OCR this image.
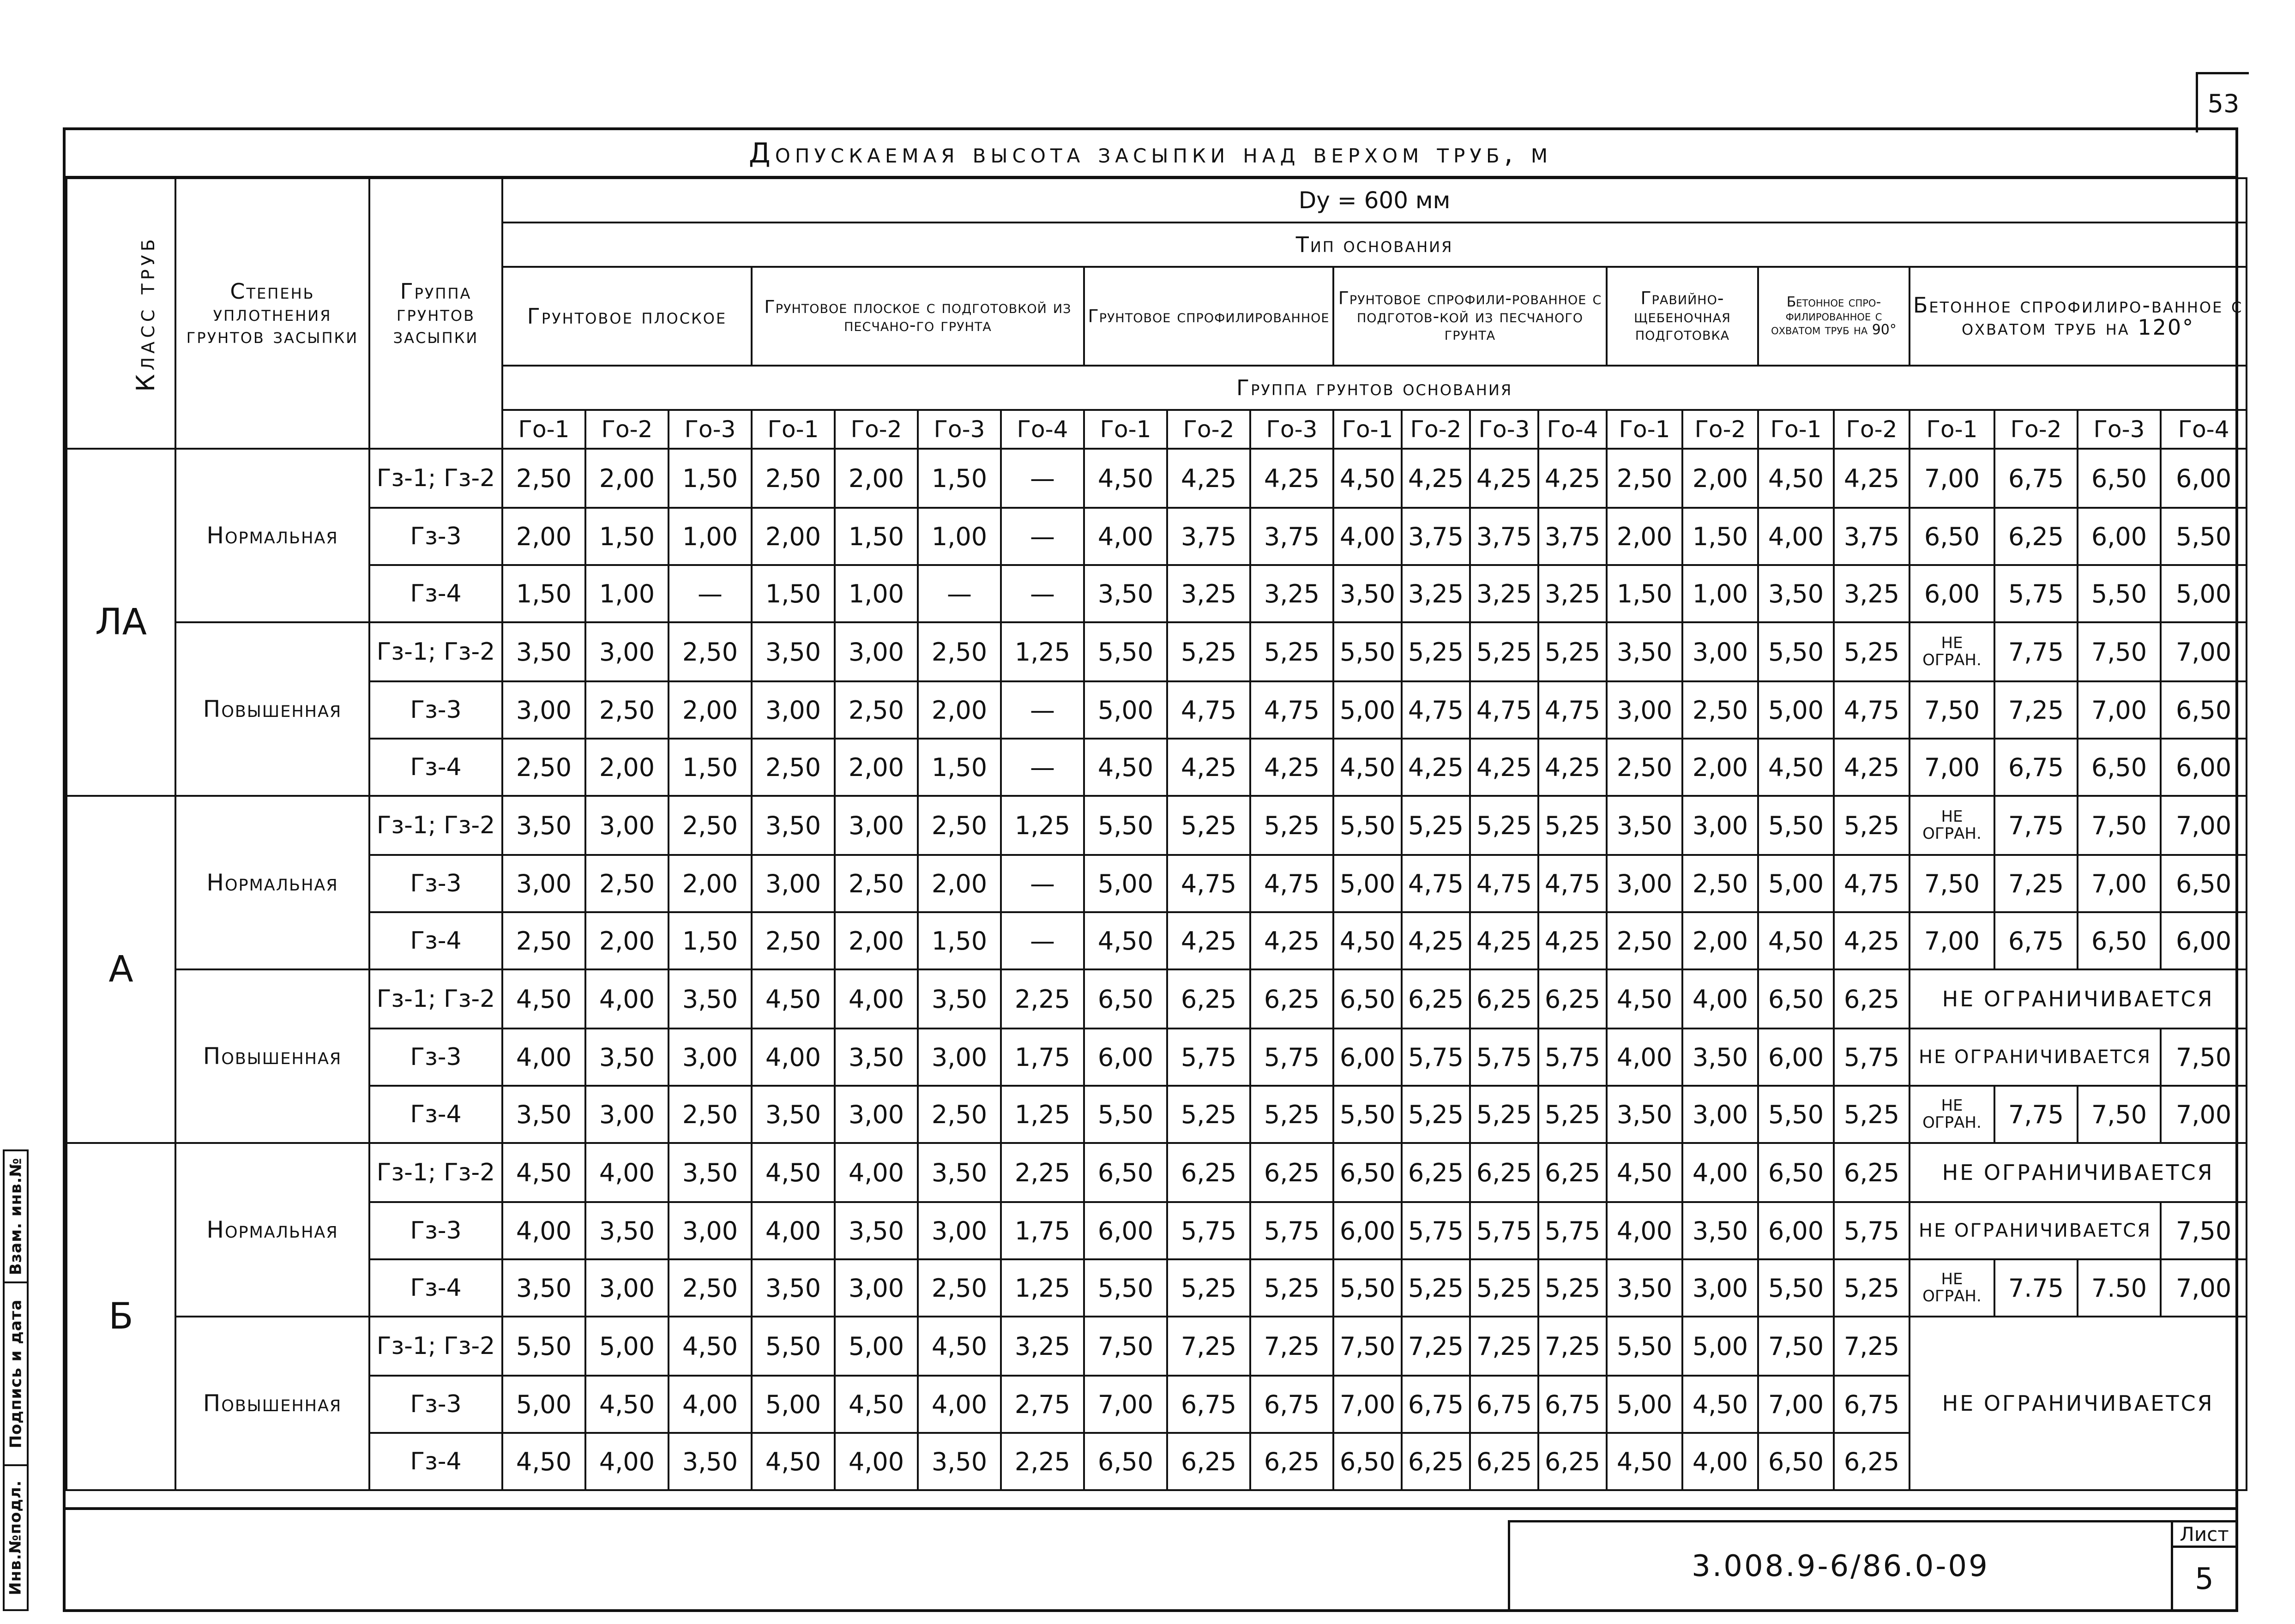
53
Взам. инв.№
Подпись и дата
Инв.№подл.
Допускаемая высота засыпки над верхом труб, м
Класс труб	Степень уплотнения грунтов засыпки	Группа грунтов засыпки	Dу = 600 мм																					
			Тип основания																					
			Грунтовое плоское			Грунтовое плоское с подготовкой из песчано-го грунта				Грунтовое спрофилированное			Грунтовое спрофили-рованное с подготов-кой из песчаного грунта				Гравийно-щебеночная подготовка		Бетонное спро-филированное с охватом труб на 90°		Бетонное спрофилиро-ванное с охватом труб на 120°			
			Группа грунтов основания																					
			Го-1	Го-2	Го-3	Го-1	Го-2	Го-3	Го-4	Го-1	Го-2	Го-3	Го-1	Го-2	Го-3	Го-4	Го-1	Го-2	Го-1	Го-2	Го-1	Го-2	Го-3	Го-4

ЛА	Нормальная	Гз-1; Гз-2	2,50	2,00	1,50	2,50	2,00	1,50	—	4,50	4,25	4,25	4,50	4,25	4,25	4,25	2,50	2,00	4,50	4,25	7,00	6,75	6,50	6,00
		Гз-3	2,00	1,50	1,00	2,00	1,50	1,00	—	4,00	3,75	3,75	4,00	3,75	3,75	3,75	2,00	1,50	4,00	3,75	6,50	6,25	6,00	5,50
		Гз-4	1,50	1,00	—	1,50	1,00	—	—	3,50	3,25	3,25	3,50	3,25	3,25	3,25	1,50	1,00	3,50	3,25	6,00	5,75	5,50	5,00
	Повышенная	Гз-1; Гз-2	3,50	3,00	2,50	3,50	3,00	2,50	1,25	5,50	5,25	5,25	5,50	5,25	5,25	5,25	3,50	3,00	5,50	5,25	НЕ ОГРАН.	7,75	7,50	7,00
		Гз-3	3,00	2,50	2,00	3,00	2,50	2,00	—	5,00	4,75	4,75	5,00	4,75	4,75	4,75	3,00	2,50	5,00	4,75	7,50	7,25	7,00	6,50
		Гз-4	2,50	2,00	1,50	2,50	2,00	1,50	—	4,50	4,25	4,25	4,50	4,25	4,25	4,25	2,50	2,00	4,50	4,25	7,00	6,75	6,50	6,00
А	Нормальная	Гз-1; Гз-2	3,50	3,00	2,50	3,50	3,00	2,50	1,25	5,50	5,25	5,25	5,50	5,25	5,25	5,25	3,50	3,00	5,50	5,25	НЕ ОГРАН.	7,75	7,50	7,00
		Гз-3	3,00	2,50	2,00	3,00	2,50	2,00	—	5,00	4,75	4,75	5,00	4,75	4,75	4,75	3,00	2,50	5,00	4,75	7,50	7,25	7,00	6,50
		Гз-4	2,50	2,00	1,50	2,50	2,00	1,50	—	4,50	4,25	4,25	4,50	4,25	4,25	4,25	2,50	2,00	4,50	4,25	7,00	6,75	6,50	6,00
	Повышенная	Гз-1; Гз-2	4,50	4,00	3,50	4,50	4,00	3,50	2,25	6,50	6,25	6,25	6,50	6,25	6,25	6,25	4,50	4,00	6,50	6,25	НЕ ОГРАНИЧИВАЕТСЯ			
		Гз-3	4,00	3,50	3,00	4,00	3,50	3,00	1,75	6,00	5,75	5,75	6,00	5,75	5,75	5,75	4,00	3,50	6,00	5,75	НЕ ОГРАНИЧИВАЕТСЯ			7,50
		Гз-4	3,50	3,00	2,50	3,50	3,00	2,50	1,25	5,50	5,25	5,25	5,50	5,25	5,25	5,25	3,50	3,00	5,50	5,25	НЕ ОГРАН.	7,75	7,50	7,00
Б	Нормальная	Гз-1; Гз-2	4,50	4,00	3,50	4,50	4,00	3,50	2,25	6,50	6,25	6,25	6,50	6,25	6,25	6,25	4,50	4,00	6,50	6,25	НЕ ОГРАНИЧИВАЕТСЯ			
		Гз-3	4,00	3,50	3,00	4,00	3,50	3,00	1,75	6,00	5,75	5,75	6,00	5,75	5,75	5,75	4,00	3,50	6,00	5,75	НЕ ОГРАНИЧИВАЕТСЯ			7,50
		Гз-4	3,50	3,00	2,50	3,50	3,00	2,50	1,25	5,50	5,25	5,25	5,50	5,25	5,25	5,25	3,50	3,00	5,50	5,25	НЕ ОГРАН.	7.75	7.50	7,00
	Повышенная	Гз-1; Гз-2	5,50	5,00	4,50	5,50	5,00	4,50	3,25	7,50	7,25	7,25	7,50	7,25	7,25	7,25	5,50	5,00	7,50	7,25	НЕ ОГРАНИЧИВАЕТСЯ			
		Гз-3	5,00	4,50	4,00	5,00	4,50	4,00	2,75	7,00	6,75	6,75	7,00	6,75	6,75	6,75	5,00	4,50	7,00	6,75				
		Гз-4	4,50	4,00	3,50	4,50	4,00	3,50	2,25	6,50	6,25	6,25	6,50	6,25	6,25	6,25	4,50	4,00	6,50	6,25				
3.008.9-6/86.0-09
Лист
5
